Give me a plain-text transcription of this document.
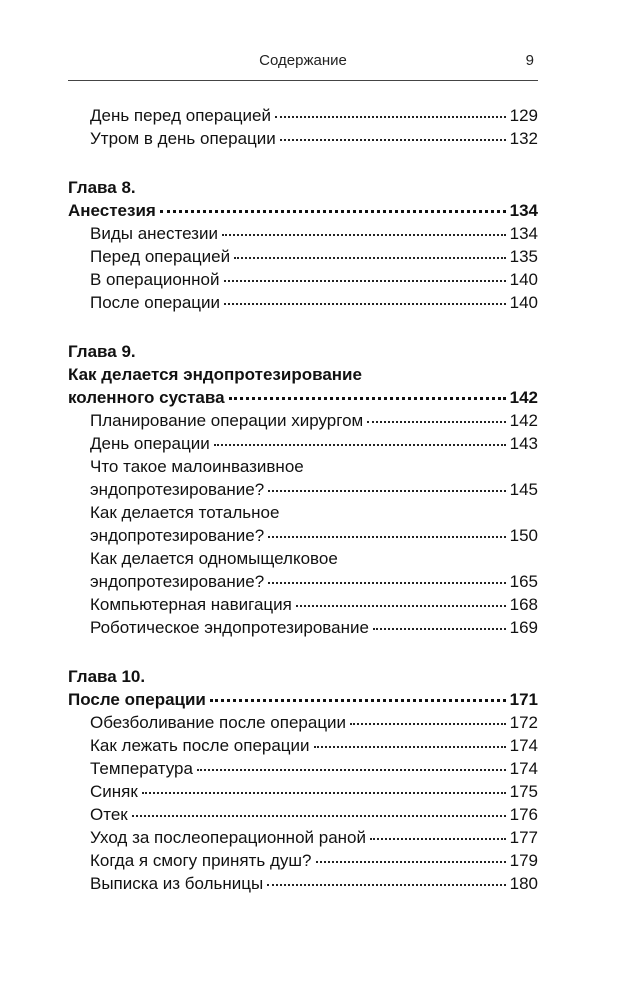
Содержание	9
День перед операцией	129
Утром в день операции	132
Глава 8.
Анестезия	134
Виды анестезии	134
Перед операцией	135
В операционной	140
После операции	140
Глава 9.
Как делается эндопротезирование
коленного сустава	142
Планирование операции хирургом	142
День операции	143
Что такое малоинвазивное
эндопротезирование?	145
Как делается тотальное
эндопротезирование?	150
Как делается одномыщелковое
эндопротезирование?	165
Компьютерная навигация	168
Роботическое эндопротезирование	169
Глава 10.
После операции	171
Обезболивание после операции	172
Как лежать после операции	174
Температура	174
Синяк	175
Отек	176
Уход за послеоперационной раной	177
Когда я смогу принять душ?	179
Выписка из больницы	180
